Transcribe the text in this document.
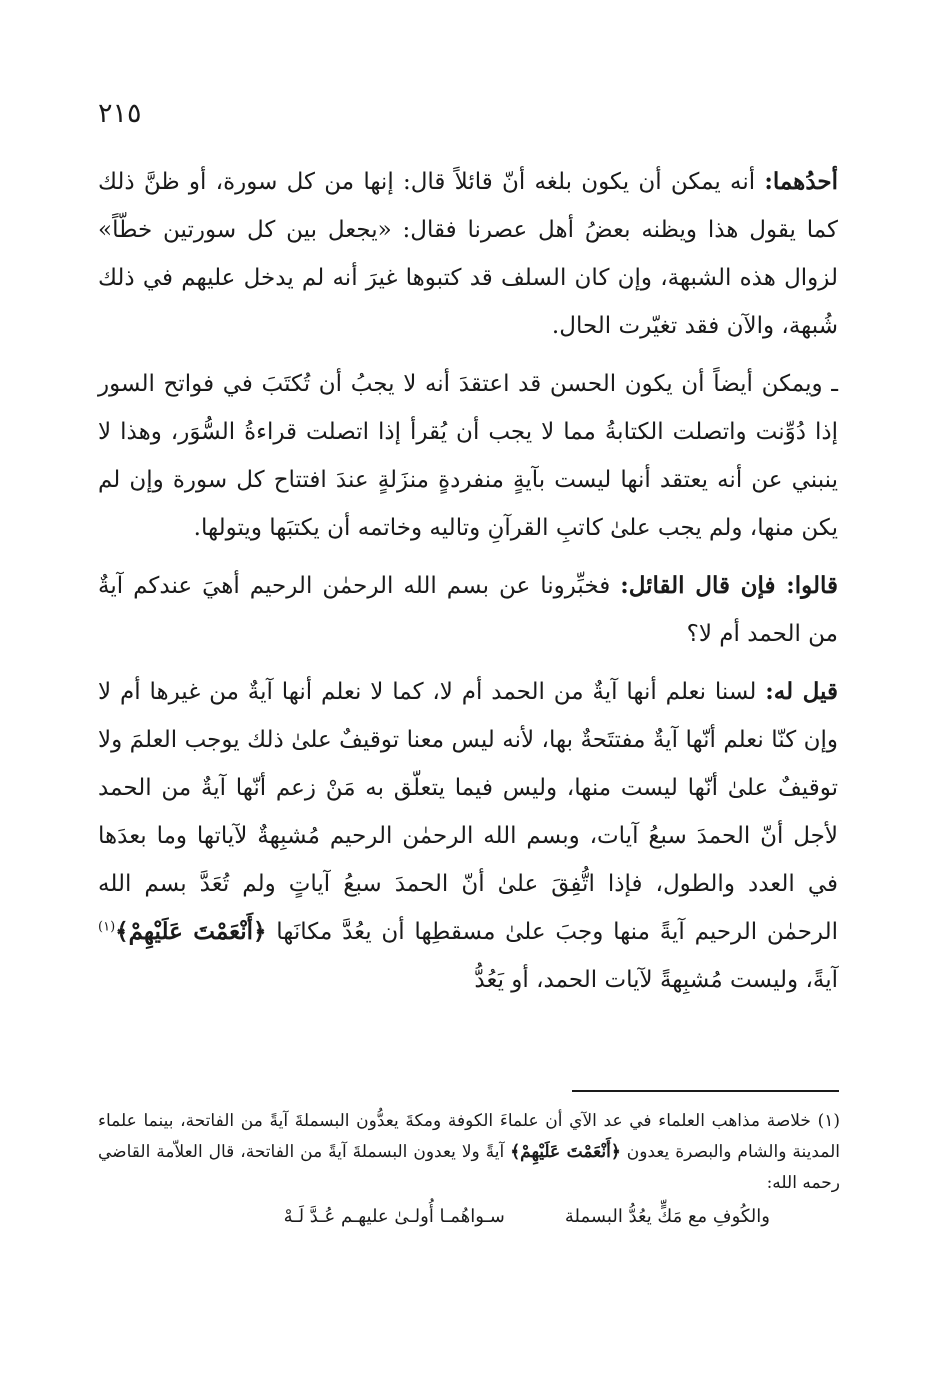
٢١٥

أحدُهما: أنه يمكن أن يكون بلغه أنّ قائلاً قال: إنها من كل سورة، أو ظنَّ ذلك كما يقول هذا ويظنه بعضُ أهل عصرنا فقال: «يجعل بين كل سورتين خطّاً» لزوال هذه الشبهة، وإن كان السلف قد كتبوها غيرَ أنه لم يدخل عليهم في ذلك شُبهة، والآن فقد تغيّرت الحال.

ـ ويمكن أيضاً أن يكون الحسن قد اعتقدَ أنه لا يجبُ أن تُكتَبَ في فواتح السور إذا دُوِّنت واتصلت الكتابةُ مما لا يجب أن يُقرأ إذا اتصلت قراءةُ السُّوَر، وهذا لا ينبني عن أنه يعتقد أنها ليست بآيةٍ منفردةٍ منزَلةٍ عندَ افتتاح كل سورة وإن لم يكن منها، ولم يجب علىٰ كاتبِ القرآنِ وتاليه وخاتمه أن يكتبَها ويتولها.

قالوا: فإن قال القائل: فخبِّرونا عن بسم الله الرحمٰن الرحيم أهيَ عندكم آيةٌ من الحمد أم لا؟

قيل له: لسنا نعلم أنها آيةٌ من الحمد أم لا، كما لا نعلم أنها آيةٌ من غيرها أم لا وإن كنّا نعلم أنّها آيةٌ مفتتَحةٌ بها، لأنه ليس معنا توقيفٌ علىٰ ذلك يوجب العلمَ ولا توقيفٌ علىٰ أنّها ليست منها، وليس فيما يتعلّق به مَنْ زعم أنّها آيةٌ من الحمد لأجل أنّ الحمدَ سبعُ آيات، وبسم الله الرحمٰن الرحيم مُشبِهةٌ لآياتها وما بعدَها في العدد والطول، فإذا اتُّفِقَ علىٰ أنّ الحمدَ سبعُ آياتٍ ولم تُعَدَّ بسم الله الرحمٰن الرحيم آيةً منها وجبَ علىٰ مسقطِها أن يعُدَّ مكانَها ﴿أَنْعَمْتَ عَلَيْهِمْ﴾$^{(١)}$ آيةً، وليست مُشبِهةً لآيات الحمد، أو يَعُدُّ

(١) خلاصة مذاهب العلماء في عد الآي أن علماءَ الكوفة ومكةَ يعدُّون البسملةَ آيةً من الفاتحة، بينما علماء المدينة والشام والبصرة يعدون ﴿أَنْعَمْتَ عَلَيْهِمْ﴾ آيةً ولا يعدون البسملةَ آيةً من الفاتحة، قال العلاّمة القاضي رحمه الله:

والكُوفِ مع مَكٍّ يعُدُّ البسملة
سـواهُمـا أُولـىٰ عليهـم عُـدَّ لَـهْ
